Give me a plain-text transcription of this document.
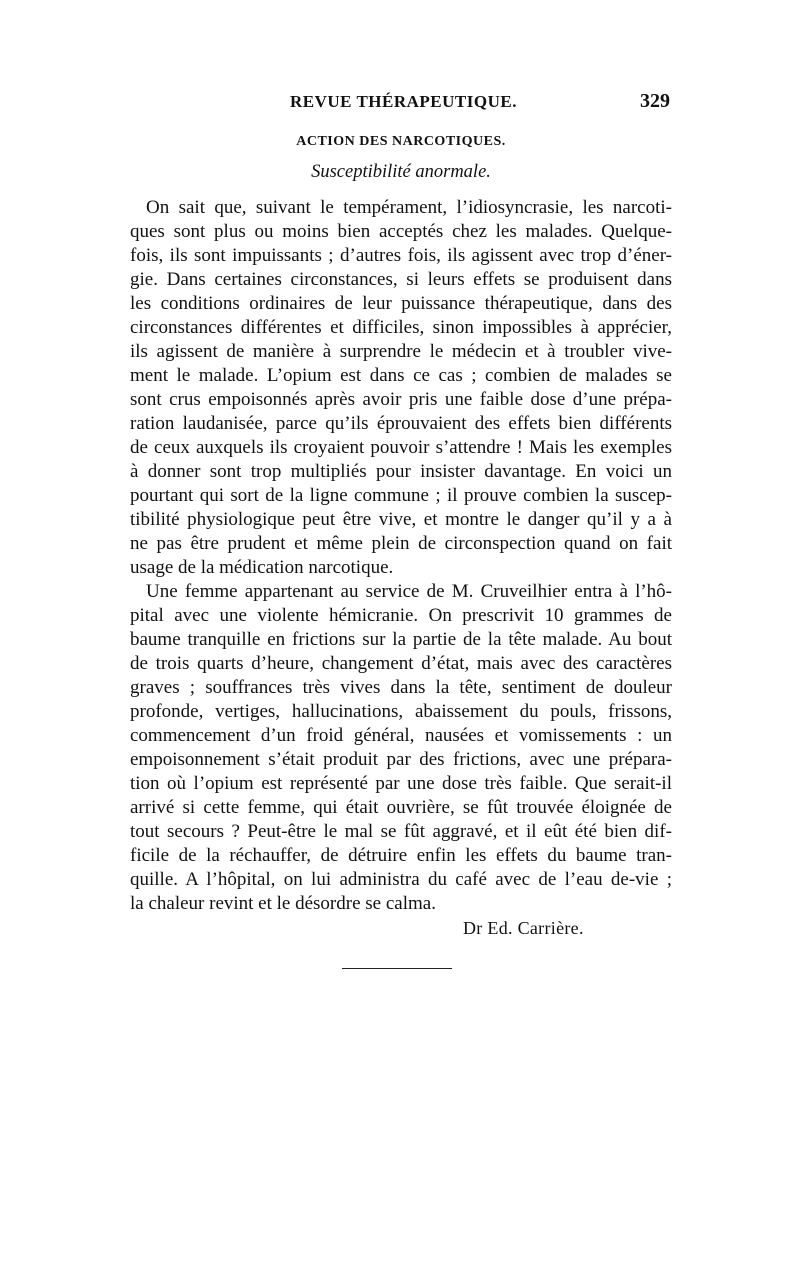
REVUE THÉRAPEUTIQUE.	329
ACTION DES NARCOTIQUES.
Susceptibilité anormale.
On sait que, suivant le tempérament, l’idiosyncrasie, les narcoti-
ques sont plus ou moins bien acceptés chez les malades. Quelque-
fois, ils sont impuissants ; d’autres fois, ils agissent avec trop d’éner-
gie. Dans certaines circonstances, si leurs effets se produisent dans
les conditions ordinaires de leur puissance thérapeutique, dans des
circonstances différentes et difficiles, sinon impossibles à apprécier,
ils agissent de manière à surprendre le médecin et à troubler vive-
ment le malade. L’opium est dans ce cas ; combien de malades se
sont crus empoisonnés après avoir pris une faible dose d’une prépa-
ration laudanisée, parce qu’ils éprouvaient des effets bien différents
de ceux auxquels ils croyaient pouvoir s’attendre ! Mais les exemples
à donner sont trop multipliés pour insister davantage. En voici un
pourtant qui sort de la ligne commune ; il prouve combien la suscep-
tibilité physiologique peut être vive, et montre le danger qu’il y a à
ne pas être prudent et même plein de circonspection quand on fait
usage de la médication narcotique.
Une femme appartenant au service de M. Cruveilhier entra à l’hô-
pital avec une violente hémicranie. On prescrivit 10 grammes de
baume tranquille en frictions sur la partie de la tête malade. Au bout
de trois quarts d’heure, changement d’état, mais avec des caractères
graves ; souffrances très vives dans la tête, sentiment de douleur
profonde, vertiges, hallucinations, abaissement du pouls, frissons,
commencement d’un froid général, nausées et vomissements : un
empoisonnement s’était produit par des frictions, avec une prépara-
tion où l’opium est représenté par une dose très faible. Que serait-il
arrivé si cette femme, qui était ouvrière, se fût trouvée éloignée de
tout secours ? Peut-être le mal se fût aggravé, et il eût été bien dif-
ficile de la réchauffer, de détruire enfin les effets du baume tran-
quille. A l’hôpital, on lui administra du café avec de l’eau de-vie ;
la chaleur revint et le désordre se calma.
Dr Ed. Carrière.
